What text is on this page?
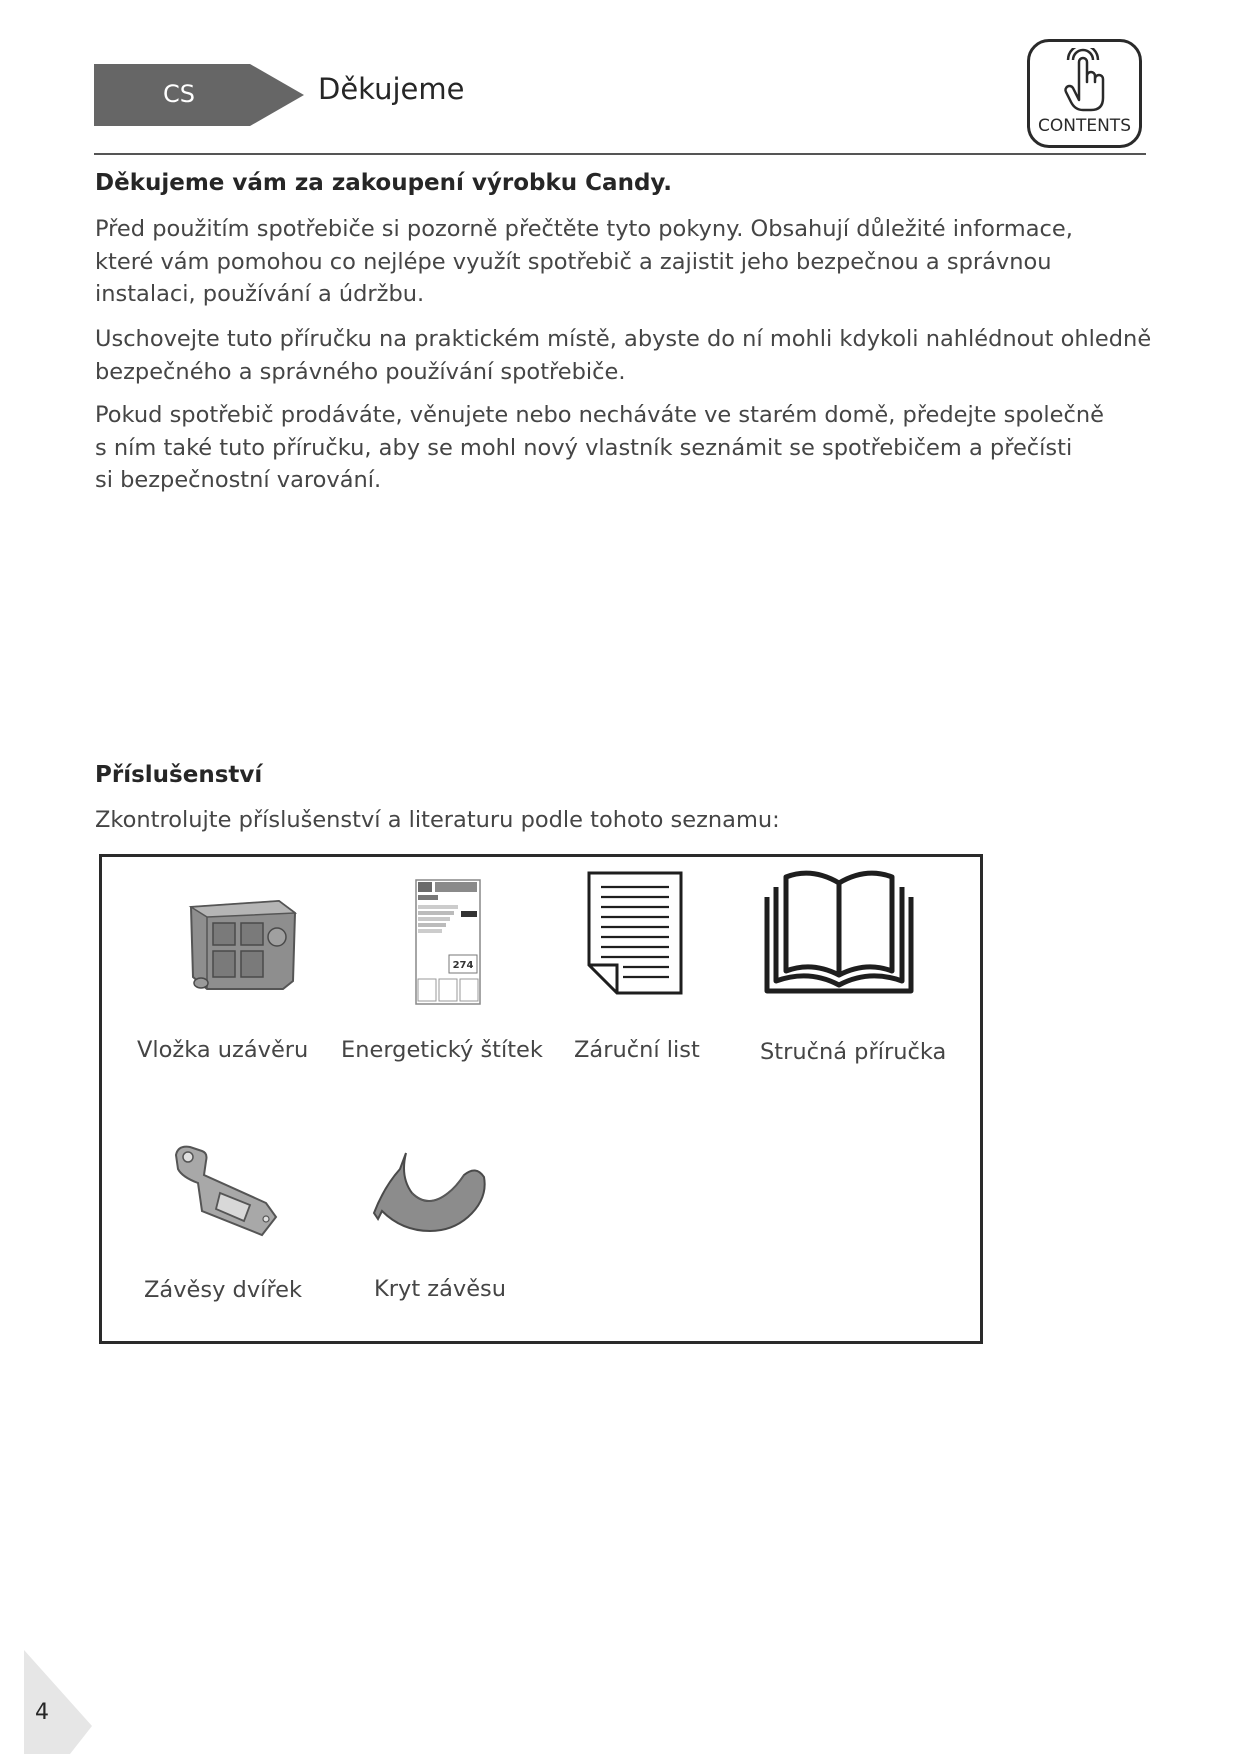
CS	Děkujeme
CONTENTS
Děkujeme vám za zakoupení výrobku Candy.

Před použitím spotřebiče si pozorně přečtěte tyto pokyny. Obsahují důležité informace,
které vám pomohou co nejlépe využít spotřebič a zajistit jeho bezpečnou a správnou
instalaci, používání a údržbu.

Uschovejte tuto příručku na praktickém místě, abyste do ní mohli kdykoli nahlédnout ohledně
bezpečného a správného používání spotřebiče.

Pokud spotřebič prodáváte, věnujete nebo necháváte ve starém domě, předejte společně
s ním také tuto příručku, aby se mohl nový vlastník seznámit se spotřebičem a přečísti
si bezpečnostní varování.

Příslušenství
Zkontrolujte příslušenství a literaturu podle tohoto seznamu:
274
Vložka uzávěru Energetický štítek Záruční list	Stručná příručka
Závěsy dvířek	Kryt závěsu
4
